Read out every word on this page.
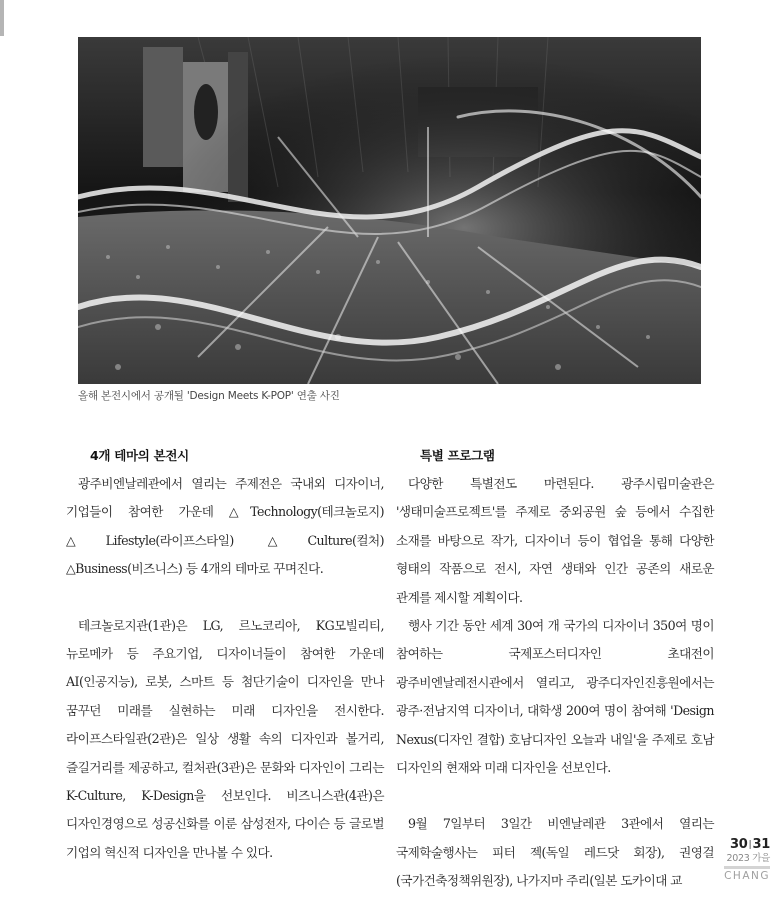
올해 본전시에서 공개될 'Design Meets K-POP' 연출 사진
4개 테마의 본전시

광주비엔날레관에서 열리는 주제전은 국내외 디자이너, 기업들이 참여한 가운데 △Technology(테크놀로지) △Lifestyle(라이프스타일) △Culture(컬처) △Business(비즈니스) 등 4개의 테마로 꾸며진다.

테크놀로지관(1관)은 LG, 르노코리아, KG모빌리티, 뉴로메카 등 주요기업, 디자이너들이 참여한 가운데 AI(인공지능), 로봇, 스마트 등 첨단기술이 디자인을 만나 꿈꾸던 미래를 실현하는 미래 디자인을 전시한다. 라이프스타일관(2관)은 일상 생활 속의 디자인과 볼거리, 즐길거리를 제공하고, 컬처관(3관)은 문화와 디자인이 그리는 K-Culture, K-Design을 선보인다. 비즈니스관(4관)은 디자인경영으로 성공신화를 이룬 삼성전자, 다이슨 등 글로벌 기업의 혁신적 디자인을 만나볼 수 있다.

특별 프로그램

다양한 특별전도 마련된다. 광주시립미술관은 '생태미술프로젝트'를 주제로 중외공원 숲 등에서 수집한 소재를 바탕으로 작가, 디자이너 등이 협업을 통해 다양한 형태의 작품으로 전시, 자연 생태와 인간 공존의 새로운 관계를 제시할 계획이다.

행사 기간 동안 세계 30여 개 국가의 디자이너 350여 명이 참여하는 국제포스터디자인 초대전이 광주비엔날레전시관에서 열리고, 광주디자인진흥원에서는 광주·전남지역 디자이너, 대학생 200여 명이 참여해 'Design Nexus(디자인 결합) 호남디자인 오늘과 내일'을 주제로 호남 디자인의 현재와 미래 디자인을 선보인다.

9월 7일부터 3일간 비엔날레관 3관에서 열리는 국제학술행사는 피터 젝(독일 레드닷 회장), 권영걸 (국가건축정책위원장), 나가지마 주리(일본 도카이대 교

30|31
2023 가을
CHANG
